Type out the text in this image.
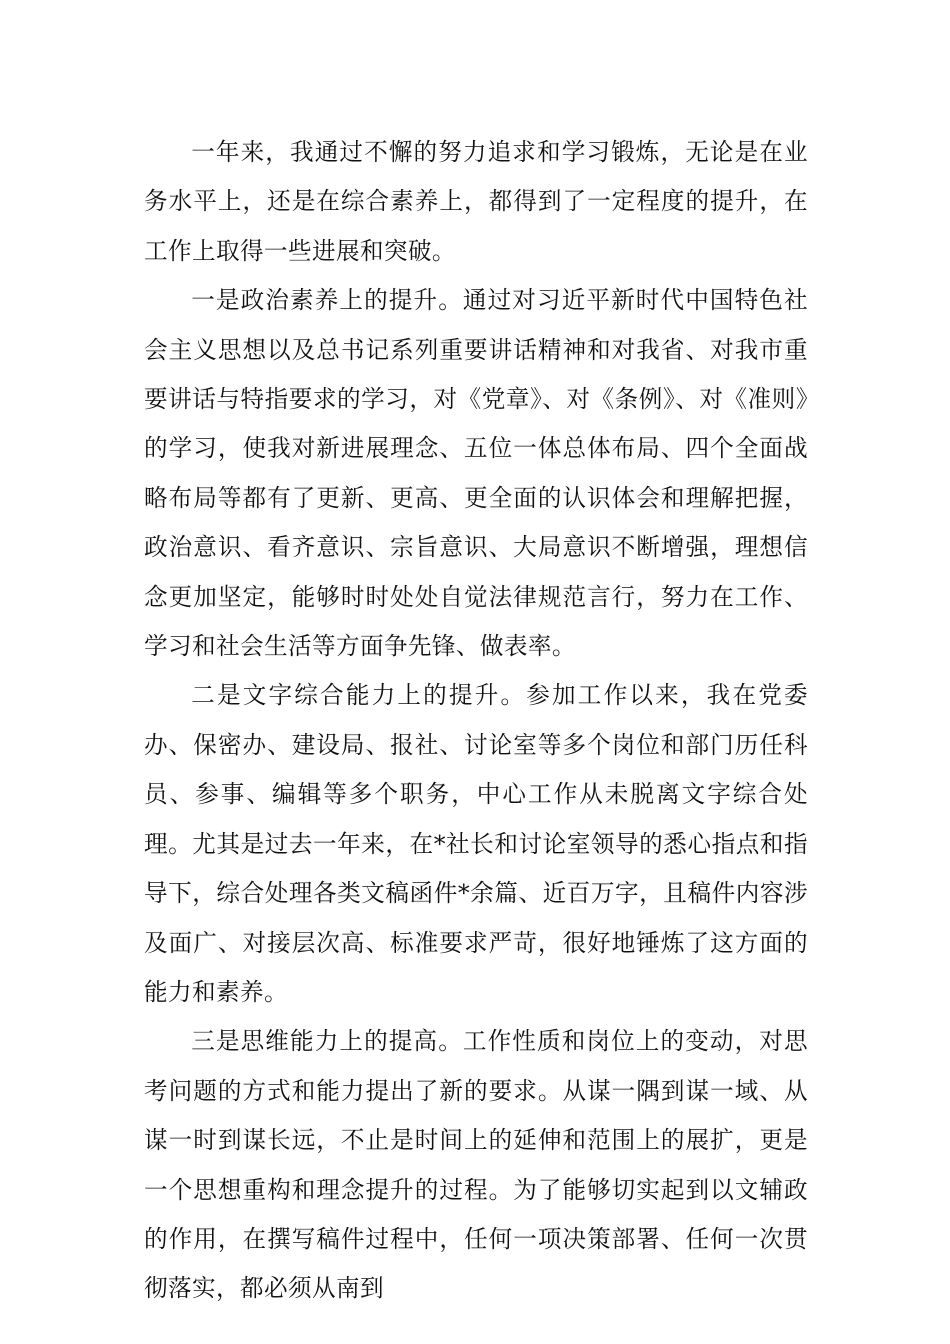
一年来，我通过不懈的努力追求和学习锻炼，无论是在业务水平上，还是在综合素养上，都得到了一定程度的提升，在工作上取得一些进展和突破。

一是政治素养上的提升。通过对习近平新时代中国特色社会主义思想以及总书记系列重要讲话精神和对我省、对我市重要讲话与特指要求的学习，对《党章》、对《条例》、对《准则》的学习，使我对新进展理念、五位一体总体布局、四个全面战略布局等都有了更新、更高、更全面的认识体会和理解把握，政治意识、看齐意识、宗旨意识、大局意识不断增强，理想信念更加坚定，能够时时处处自觉法律规范言行，努力在工作、学习和社会生活等方面争先锋、做表率。

二是文字综合能力上的提升。参加工作以来，我在党委办、保密办、建设局、报社、讨论室等多个岗位和部门历任科员、参事、编辑等多个职务，中心工作从未脱离文字综合处理。尤其是过去一年来，在*社长和讨论室领导的悉心指点和指导下，综合处理各类文稿函件*余篇、近百万字，且稿件内容涉及面广、对接层次高、标准要求严苛，很好地锤炼了这方面的能力和素养。

三是思维能力上的提高。工作性质和岗位上的变动，对思考问题的方式和能力提出了新的要求。从谋一隅到谋一域、从谋一时到谋长远，不止是时间上的延伸和范围上的展扩，更是一个思想重构和理念提升的过程。为了能够切实起到以文辅政的作用，在撰写稿件过程中，任何一项决策部署、任何一次贯彻落实，都必须从南到
